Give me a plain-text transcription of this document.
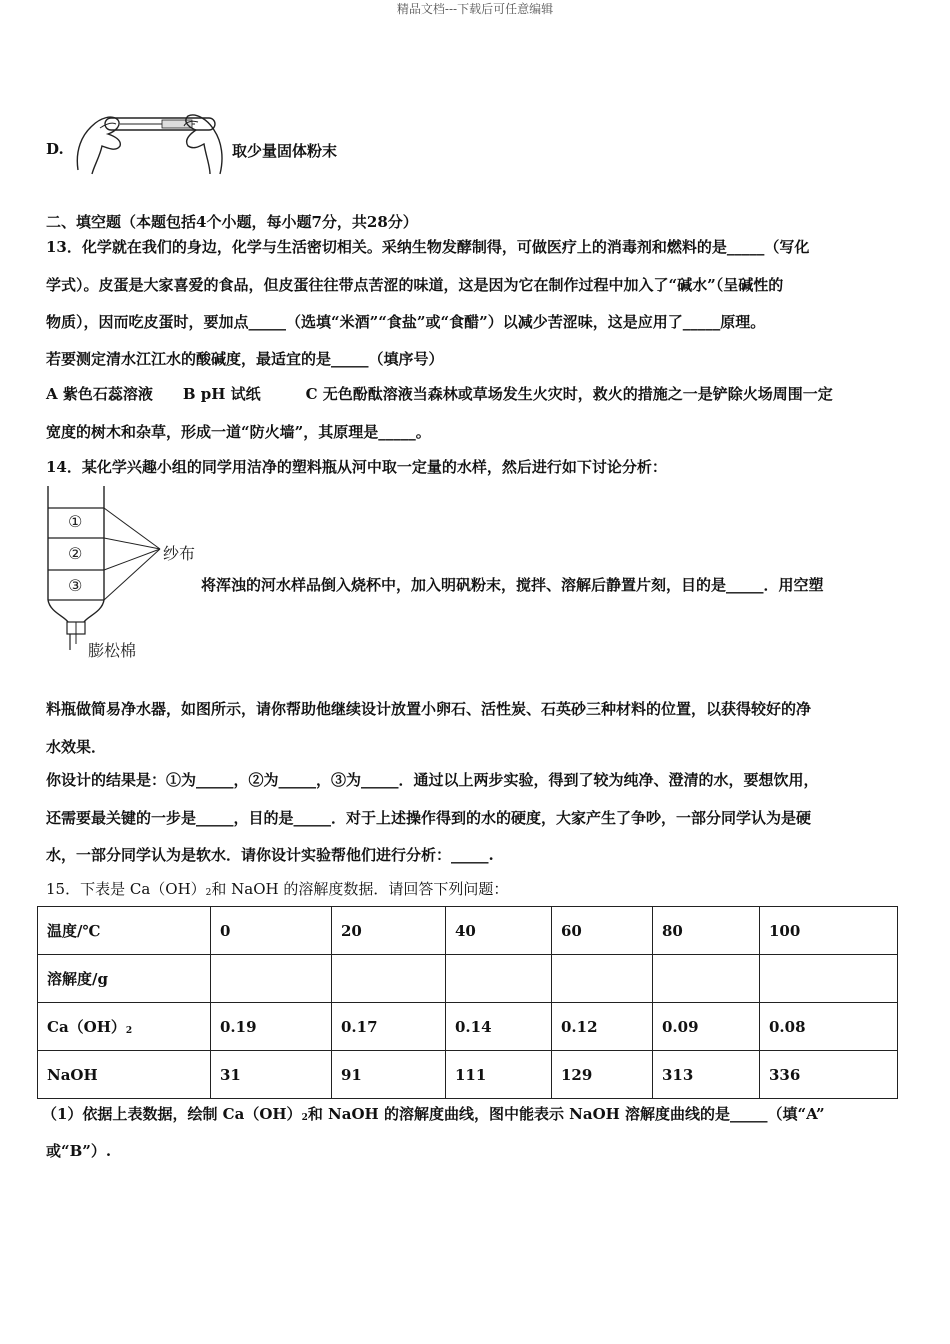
精品文档---下载后可任意编辑
D.	取少量固体粉末
二、填空题（本题包括4个小题，每小题7分，共28分）
13．化学就在我们的身边，化学与生活密切相关。采纳生物发酵制得，可做医疗上的消毒剂和燃料的是_____（写化
学式）。皮蛋是大家喜爱的食品，但皮蛋往往带点苦涩的味道，这是因为它在制作过程中加入了“碱水”（呈碱性的
物质），因而吃皮蛋时，要加点_____（选填“米酒”“食盐”或“食醋”）以减少苦涩味，这是应用了_____原理。
若要测定清水江江水的酸碱度，最适宜的是_____（填序号）
A 紫色石蕊溶液　　B pH 试纸　　　C 无色酚酞溶液当森林或草场发生火灾时，救火的措施之一是铲除火场周围一定
宽度的树木和杂草，形成一道“防火墙”，其原理是_____。
14．某化学兴趣小组的同学用洁净的塑料瓶从河中取一定量的水样，然后进行如下讨论分析：
①
②
③
纱布
膨松棉
将浑浊的河水样品倒入烧杯中，加入明矾粉末，搅拌、溶解后静置片刻，目的是_____．用空塑
料瓶做简易净水器，如图所示，请你帮助他继续设计放置小卵石、活性炭、石英砂三种材料的位置，以获得较好的净
水效果．
你设计的结果是：①为_____，②为_____，③为_____．通过以上两步实验，得到了较为纯净、澄清的水，要想饮用，
还需要最关键的一步是_____，目的是_____．对于上述操作得到的水的硬度，大家产生了争吵，一部分同学认为是硬
水，一部分同学认为是软水．请你设计实验帮他们进行分析：_____.
15．下表是 $Ca(OH)_2$和 NaOH 的溶解度数据．请回答下列问题：
温度/℃	0	20	40	60	80	100
溶解度/g						
$Ca(OH)_2$	0.19	0.17	0.14	0.12	0.09	0.08
NaOH	31	91	111	129	313	336
（1）依据上表数据，绘制 $Ca(OH)_2$和 NaOH 的溶解度曲线，图中能表示 NaOH 溶解度曲线的是_____（填“A”
或“B”）.
